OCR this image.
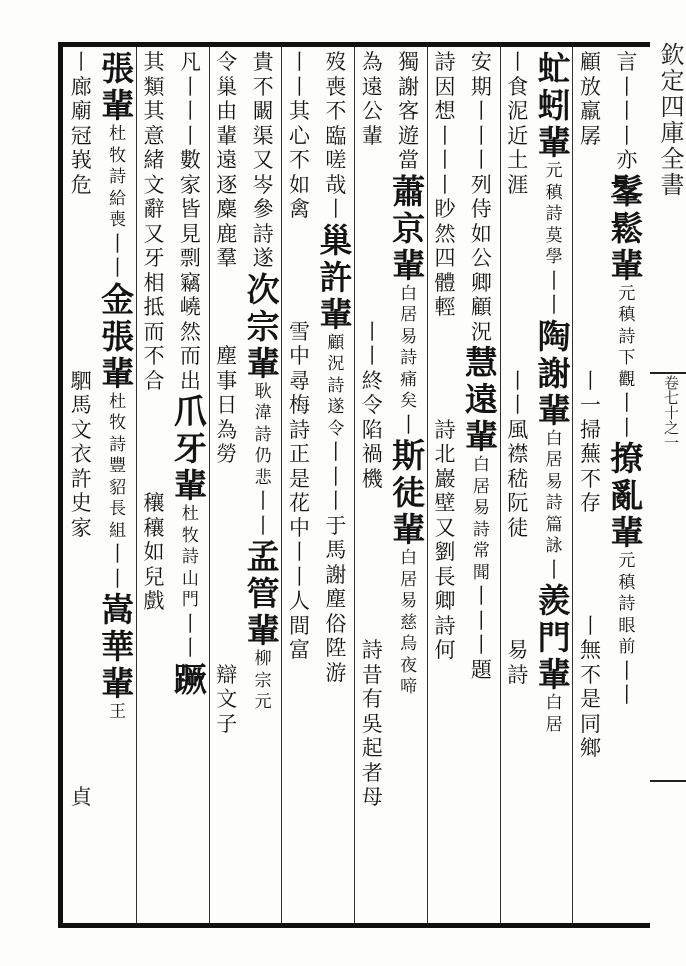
欽定四庫全書
卷七十之一
言
丨
丨
丨
亦
髼
鬆
輩
元
稹
詩
下
觀
丨
丨
撩
亂
輩
元
稹
詩
眼
前
丨
丨
顧
放
羸
孱

丨
一
掃
蕪
不
存

丨
無
不
是
同
鄉
虻
蚓
輩
元
稹
詩
莫
學
丨
丨
陶
謝
輩
白
居
易
詩
篇
詠
丨
羨
門
輩
白
居
丨
食
泥
近
土
涯

丨
丨
風
襟
嵇
阮
徒

易
詩
安
期
丨
丨
丨
列
侍
如
公
卿
顧
況
慧
遠
輩
白
居
易
詩
常
聞
丨
丨
丨
題
詩
因
想
丨
丨
丨
眇
然
四
體
輕

詩
北
巖
壁
又
劉
長
卿
詩
何
獨
謝
客
遊
當
蕭
京
輩
白
居
易
詩
痛
矣
丨
斯
徒
輩
白
居
易
慈
烏
夜
啼
為
遠
公
輩

丨
丨
終
令
陷
禍
機

詩
昔
有
吳
起
者
母
歿
喪
不
臨
嗟
哉
丨
巢
許
輩
顧
況
詩
遂
令
丨
丨
丨
于
馬
謝
塵
俗
陞
游
丨
丨
其
心
不
如
禽

雪
中
尋
梅
詩
正
是
花
中
丨
丨
人
間
富
貴
不
闞
渠
又
岑
參
詩
遂
次
宗
輩
耿
湋
詩
仍
悲
丨
丨
孟
管
輩
柳
宗
元
令
巢
由
輩
遠
逐
麋
鹿
羣

塵
事
日
為
勞

辯
文
子
凡
丨
丨
丨
數
家
皆
見
剽
竊
嶢
然
而
出
爪
牙
輩
杜
牧
詩
山
門
丨
丨
蹶
其
類
其
意
緒
文
辭
又
牙
相
抵
而
不
合

穰
穰
如
兒
戲
張
輩
杜
牧
詩
給
喪
丨
丨
金
張
輩
杜
牧
詩
豐
貂
長
組
丨
丨
嵩
華
輩
王
丨
廊
廟
冠
峩
危

駟
馬
文
衣
許
史
家

貞
